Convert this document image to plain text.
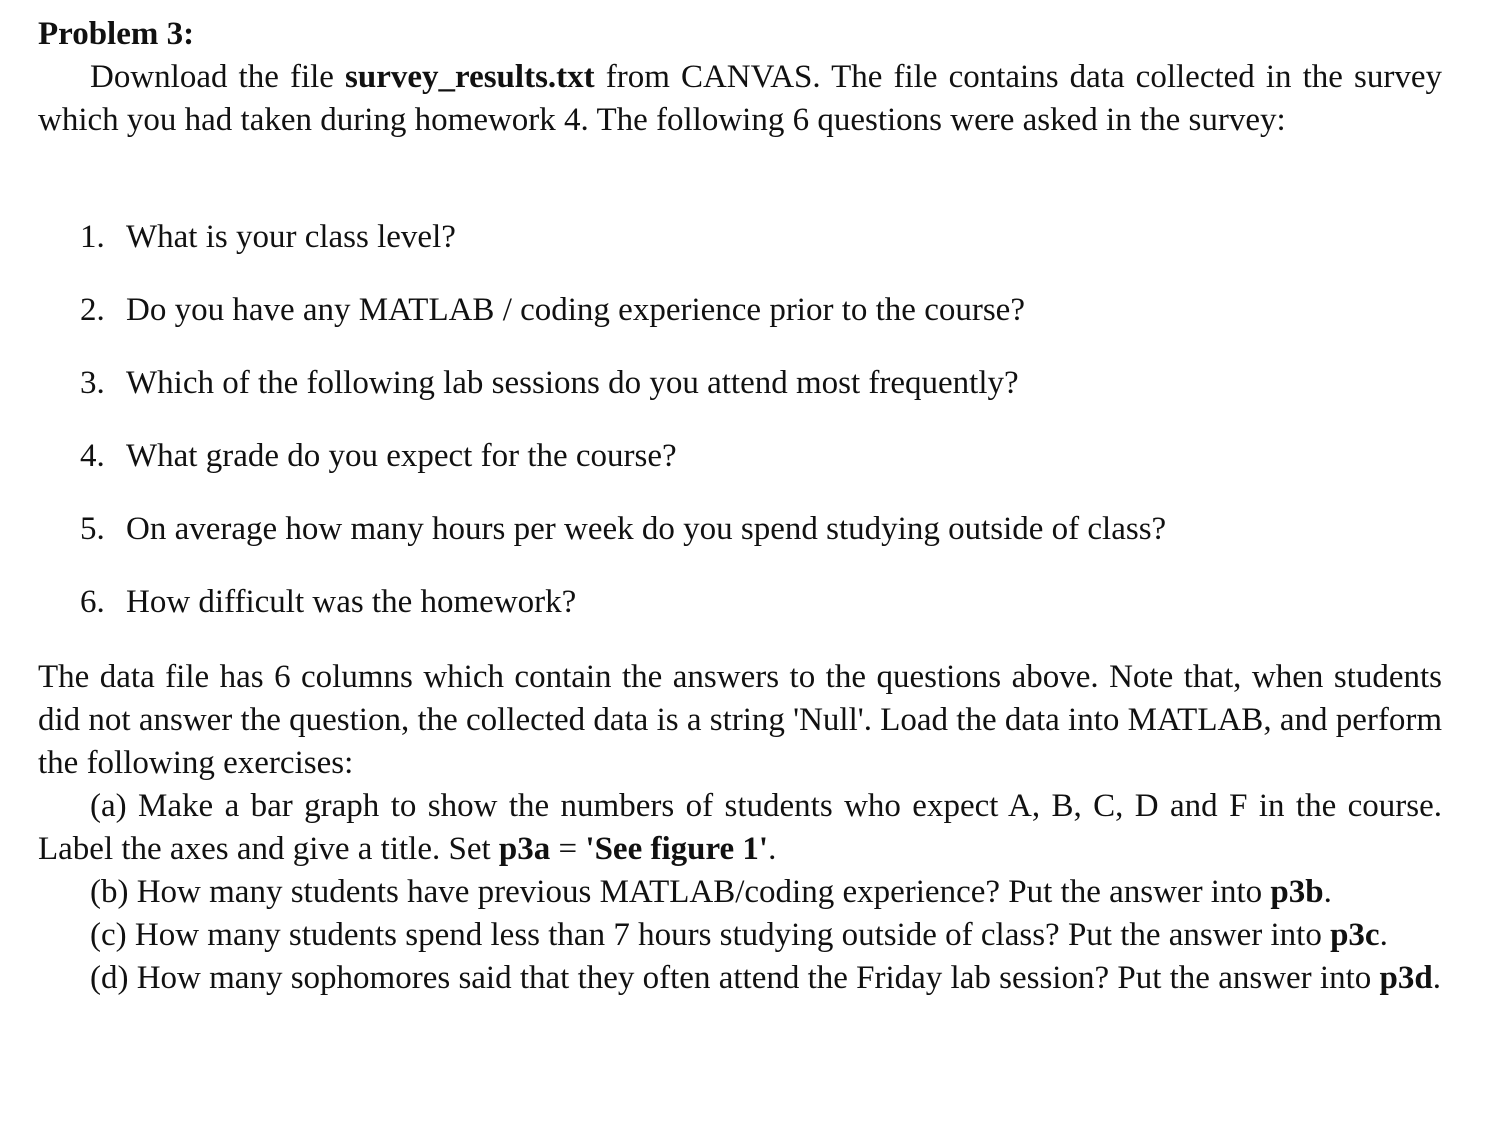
Problem 3:
Download the file survey_results.txt from CANVAS. The file contains data collected in the survey which you had taken during homework 4. The following 6 questions were asked in the survey:
1. What is your class level?
2. Do you have any MATLAB / coding experience prior to the course?
3. Which of the following lab sessions do you attend most frequently?
4. What grade do you expect for the course?
5. On average how many hours per week do you spend studying outside of class?
6. How difficult was the homework?
The data file has 6 columns which contain the answers to the questions above. Note that, when students did not answer the question, the collected data is a string 'Null'. Load the data into MATLAB, and perform the following exercises:
(a) Make a bar graph to show the numbers of students who expect A, B, C, D and F in the course. Label the axes and give a title. Set p3a = 'See figure 1'.
(b) How many students have previous MATLAB/coding experience? Put the answer into p3b.
(c) How many students spend less than 7 hours studying outside of class? Put the answer into p3c.
(d) How many sophomores said that they often attend the Friday lab session? Put the answer into p3d.
